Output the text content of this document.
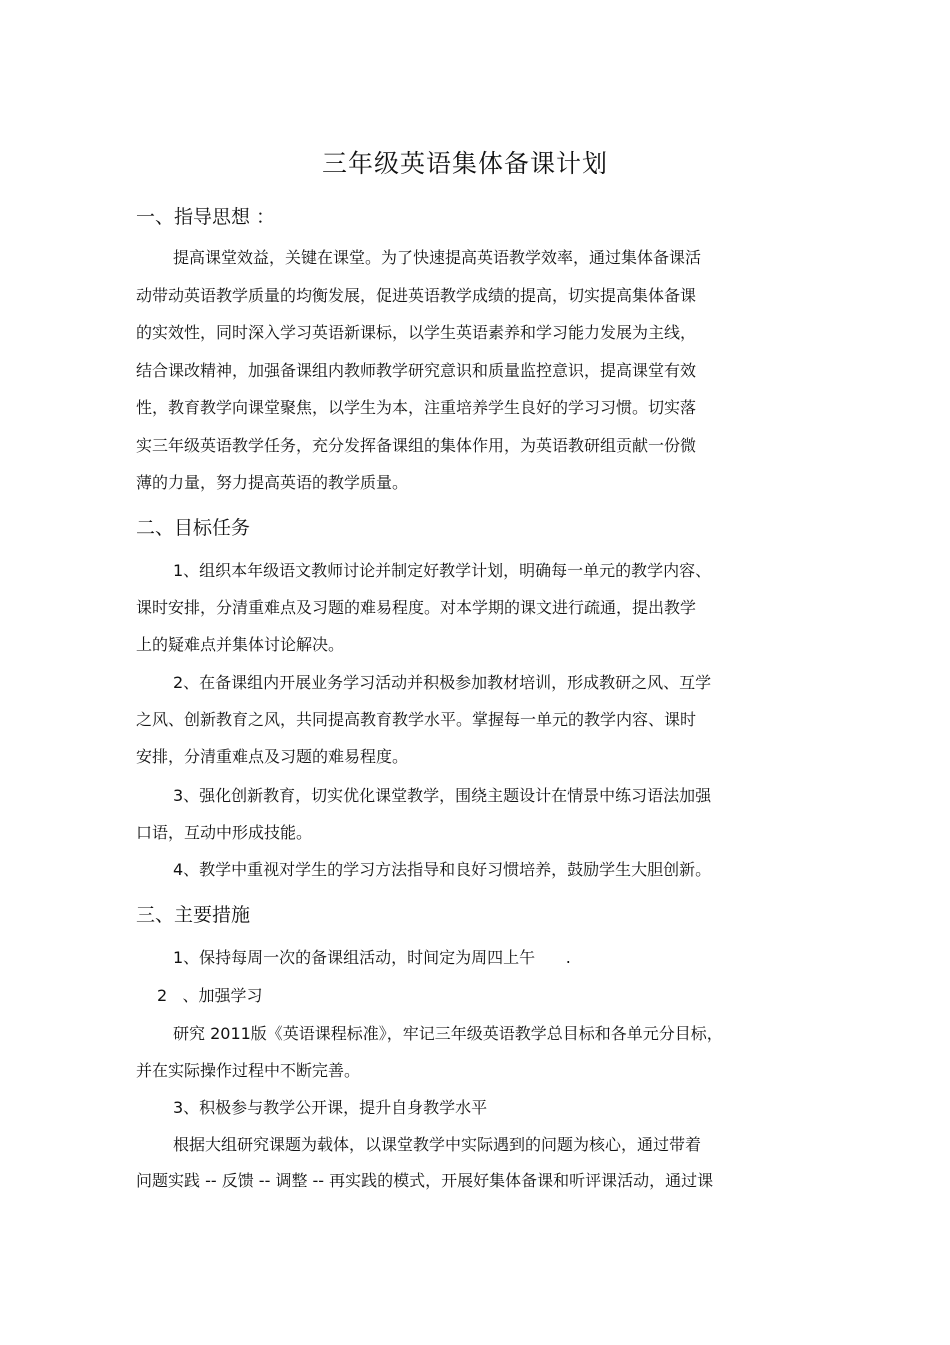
三年级英语集体备课计划
一、指导思想 ：
提高课堂效益，关键在课堂。为了快速提高英语教学效率，通过集体备课活
动带动英语教学质量的均衡发展，促进英语教学成绩的提高，切实提高集体备课
的实效性，同时深入学习英语新课标，以学生英语素养和学习能力发展为主线，
结合课改精神，加强备课组内教师教学研究意识和质量监控意识，提高课堂有效
性，教育教学向课堂聚焦，以学生为本，注重培养学生良好的学习习惯。切实落
实三年级英语教学任务，充分发挥备课组的集体作用，为英语教研组贡献一份微
薄的力量，努力提高英语的教学质量。
二、目标任务
1、组织本年级语文教师讨论并制定好教学计划，明确每一单元的教学内容、
课时安排，分清重难点及习题的难易程度。对本学期的课文进行疏通，提出教学
上的疑难点并集体讨论解决。
2、在备课组内开展业务学习活动并积极参加教材培训，形成教研之风、互学
之风、创新教育之风，共同提高教育教学水平。掌握每一单元的教学内容、课时
安排，分清重难点及习题的难易程度。
3、强化创新教育，切实优化课堂教学，围绕主题设计在情景中练习语法加强
口语，互动中形成技能。
4、教学中重视对学生的学习方法指导和良好习惯培养，鼓励学生大胆创新。
三、主要措施
1、保持每周一次的备课组活动，时间定为周四上午      .
2   、加强学习
研究 2011版《英语课程标准》，牢记三年级英语教学总目标和各单元分目标，
并在实际操作过程中不断完善。
3、积极参与教学公开课，提升自身教学水平
根据大组研究课题为载体，以课堂教学中实际遇到的问题为核心，通过带着
问题实践 -- 反馈 -- 调整 -- 再实践的模式，开展好集体备课和听评课活动，通过课
